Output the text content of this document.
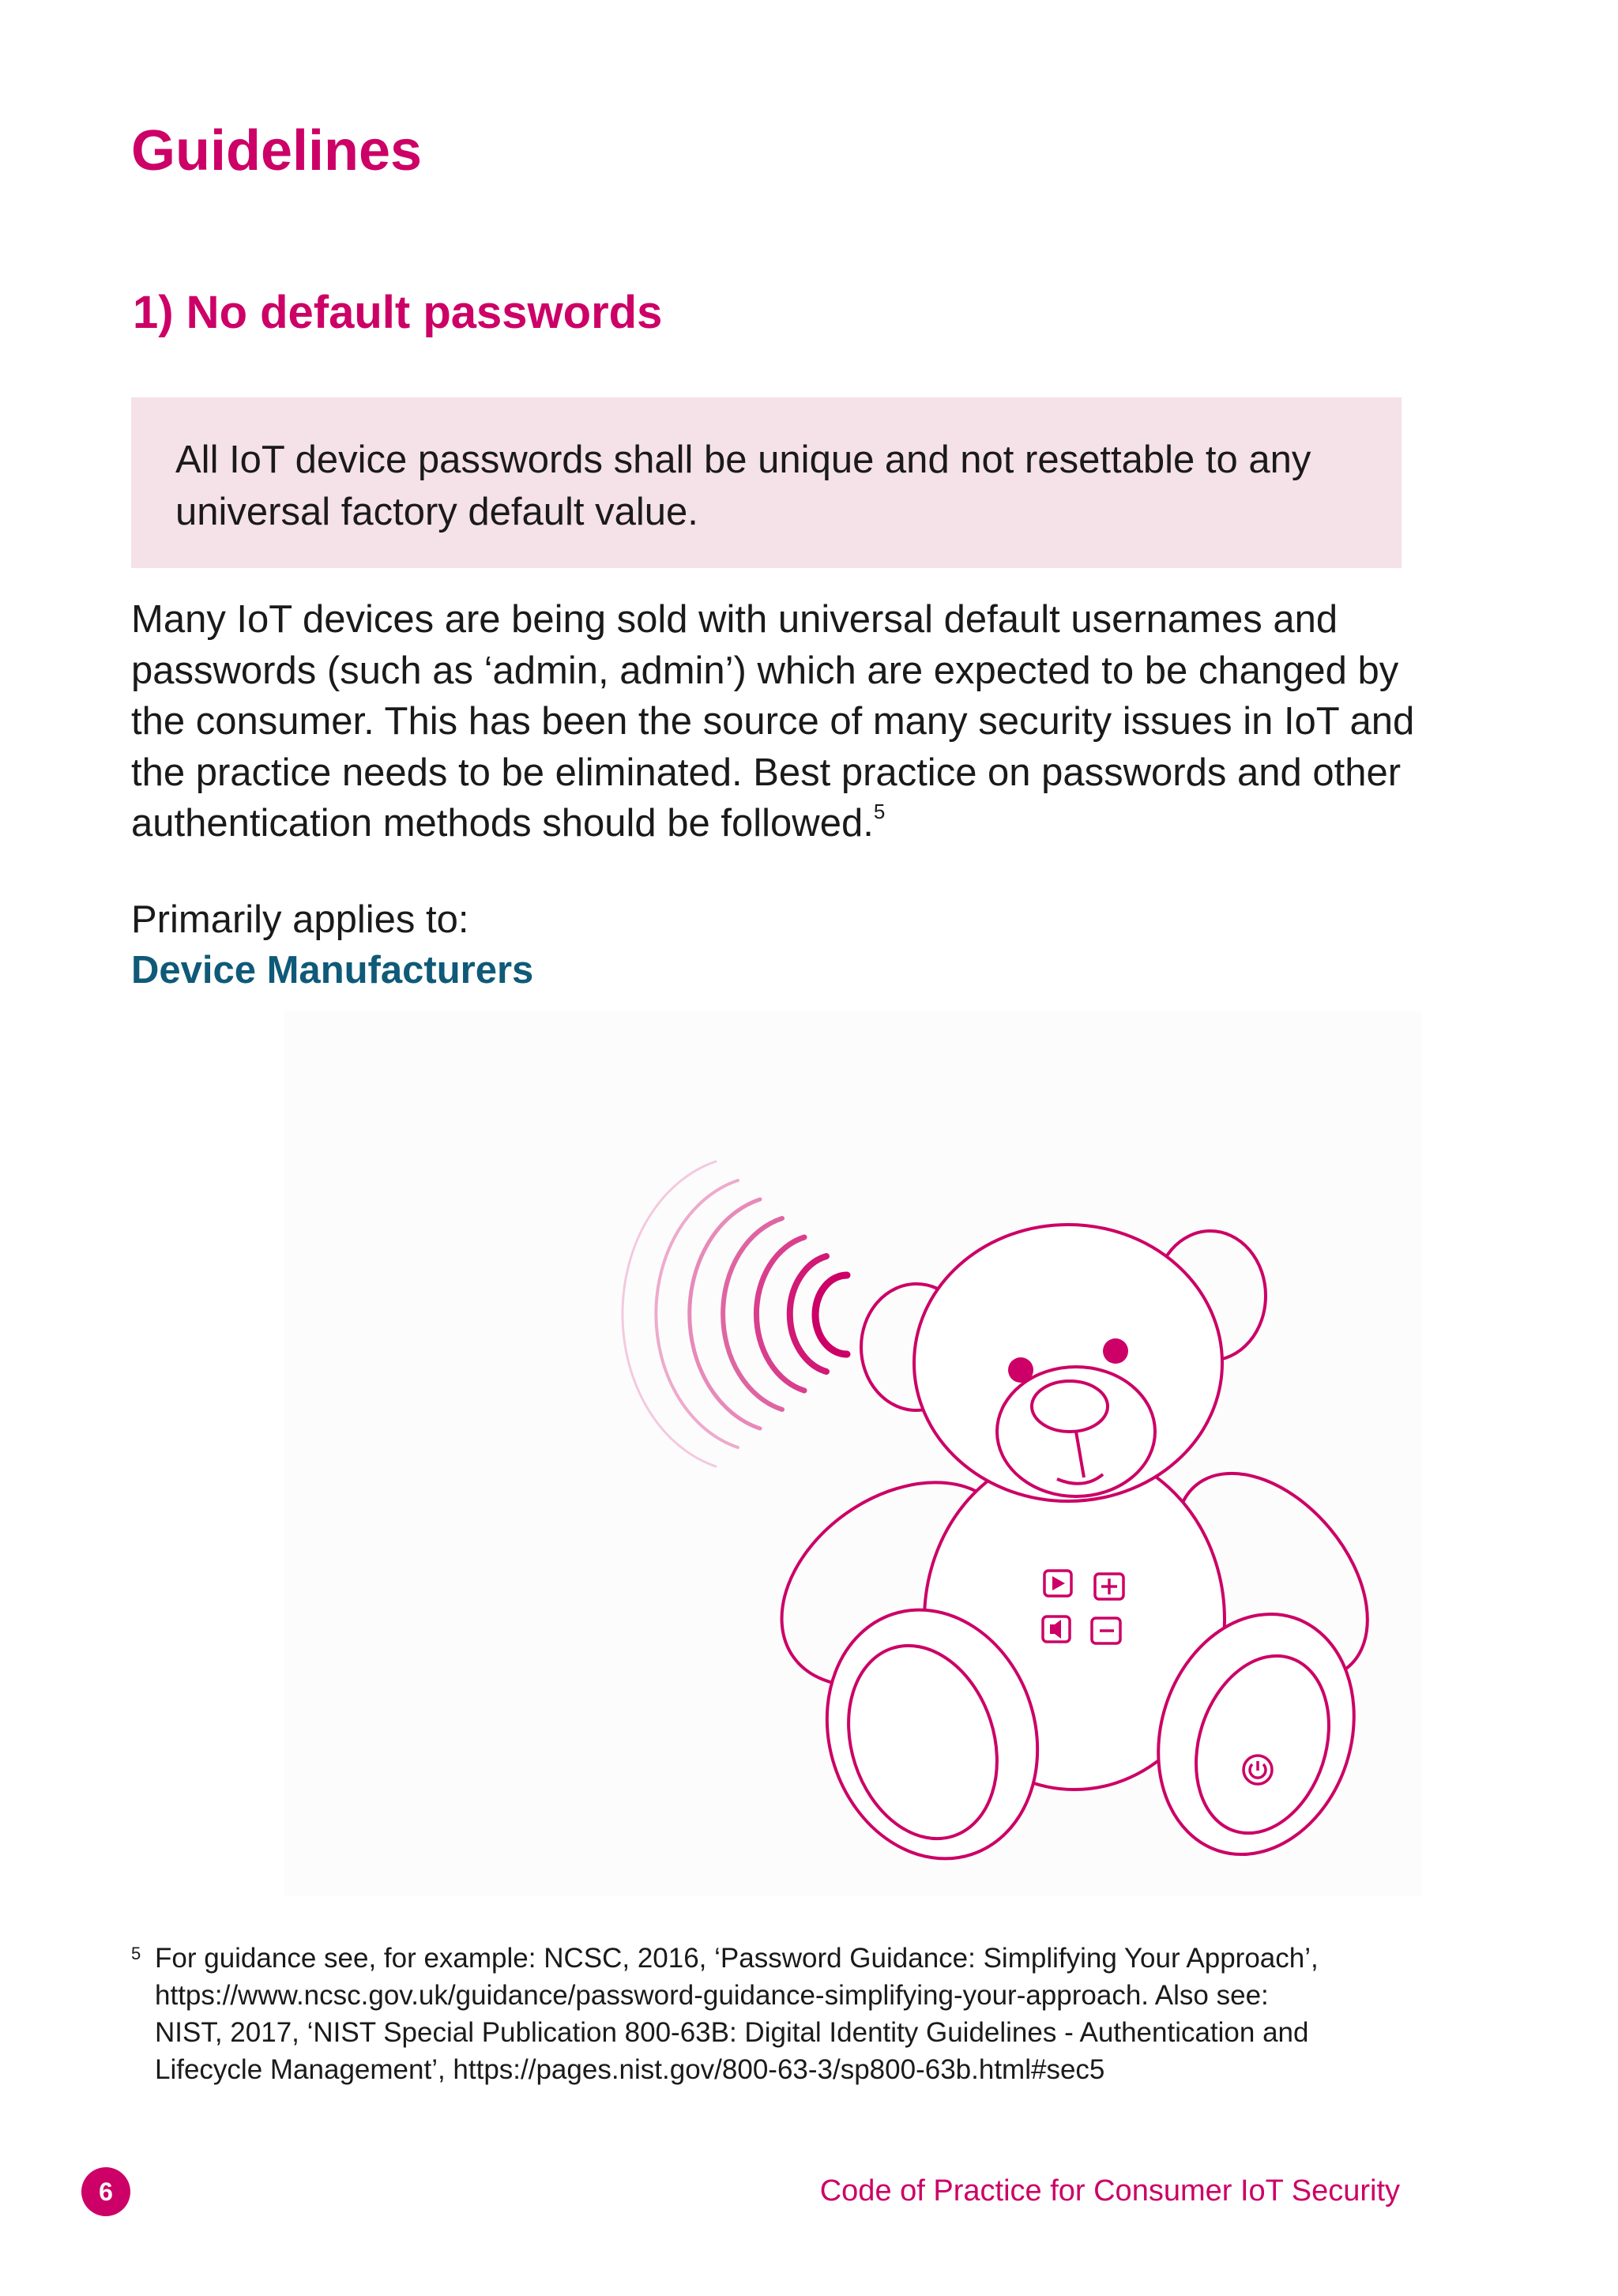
Guidelines
1) No default passwords
All IoT device passwords shall be unique and not resettable to any
universal factory default value.
Many IoT devices are being sold with universal default usernames and
passwords (such as ‘admin, admin’) which are expected to be changed by
the consumer. This has been the source of many security issues in IoT and
the practice needs to be eliminated. Best practice on passwords and other
authentication methods should be followed.$^5$
Primarily applies to:
Device Manufacturers
5 For guidance see, for example: NCSC, 2016, ‘Password Guidance: Simplifying Your Approach’,
https://www.ncsc.gov.uk/guidance/password-guidance-simplifying-your-approach. Also see:
NIST, 2017, ‘NIST Special Publication 800-63B: Digital Identity Guidelines - Authentication and
Lifecycle Management’, https://pages.nist.gov/800-63-3/sp800-63b.html#sec5
6	Code of Practice for Consumer IoT Security
